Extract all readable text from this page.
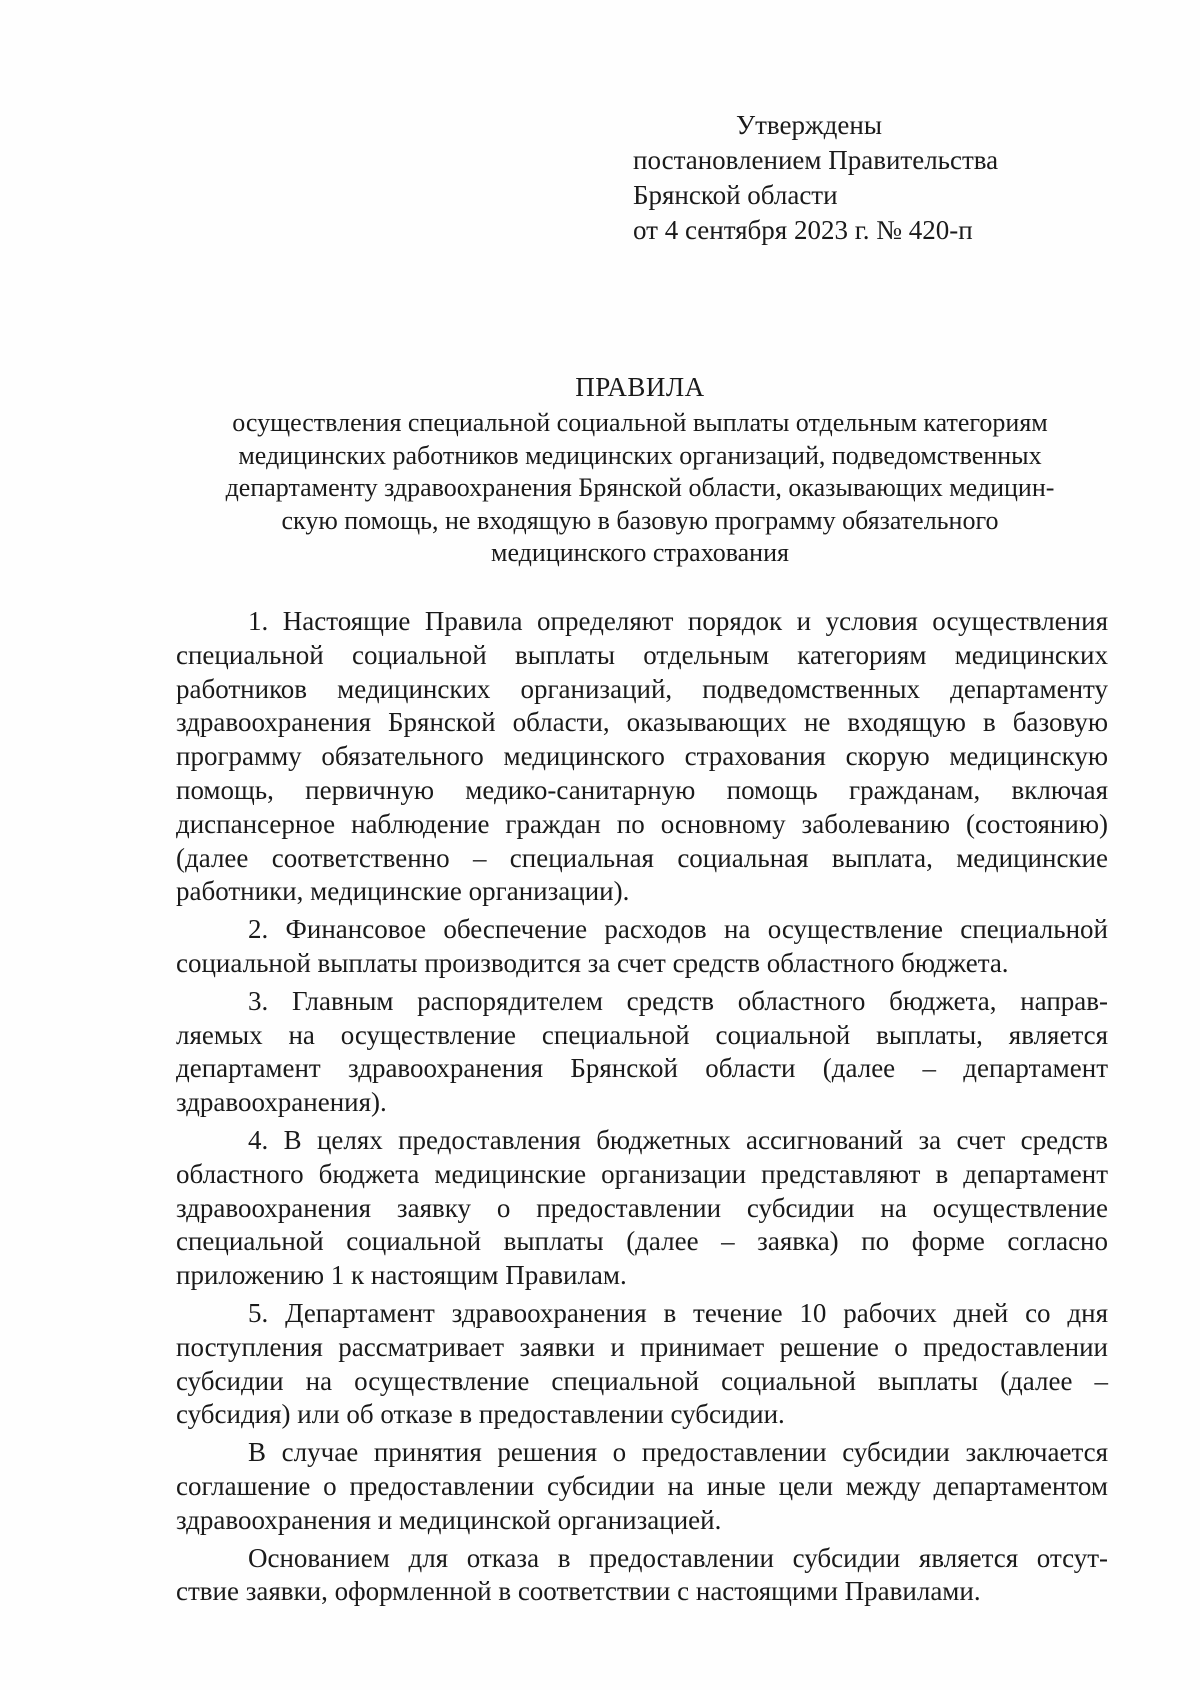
Утверждены
постановлением Правительства
Брянской области
от 4 сентября 2023 г. № 420-п
ПРАВИЛА
осуществления специальной социальной выплаты отдельным категориям
медицинских работников медицинских организаций, подведомственных
департаменту здравоохранения Брянской области, оказывающих медицин-
скую помощь, не входящую в базовую программу обязательного
медицинского страхования
1. Настоящие Правила определяют порядок и условия осуществления
специальной социальной выплаты отдельным категориям медицинских
работников медицинских организаций, подведомственных департаменту
здравоохранения Брянской области, оказывающих не входящую в базовую
программу обязательного медицинского страхования скорую медицинскую
помощь, первичную медико-санитарную помощь гражданам, включая
диспансерное наблюдение граждан по основному заболеванию (состоянию)
(далее соответственно – специальная социальная выплата, медицинские
работники, медицинские организации).
2. Финансовое обеспечение расходов на осуществление специальной
социальной выплаты производится за счет средств областного бюджета.
3. Главным распорядителем средств областного бюджета, направ-
ляемых на осуществление специальной социальной выплаты, является
департамент здравоохранения Брянской области (далее – департамент
здравоохранения).
4. В целях предоставления бюджетных ассигнований за счет средств
областного бюджета медицинские организации представляют в департамент
здравоохранения заявку о предоставлении субсидии на осуществление
специальной социальной выплаты (далее – заявка) по форме согласно
приложению 1 к настоящим Правилам.
5. Департамент здравоохранения в течение 10 рабочих дней со дня
поступления рассматривает заявки и принимает решение о предоставлении
субсидии на осуществление специальной социальной выплаты (далее –
субсидия) или об отказе в предоставлении субсидии.
В случае принятия решения о предоставлении субсидии заключается
соглашение о предоставлении субсидии на иные цели между департаментом
здравоохранения и медицинской организацией.
Основанием для отказа в предоставлении субсидии является отсут-
ствие заявки, оформленной в соответствии с настоящими Правилами.
